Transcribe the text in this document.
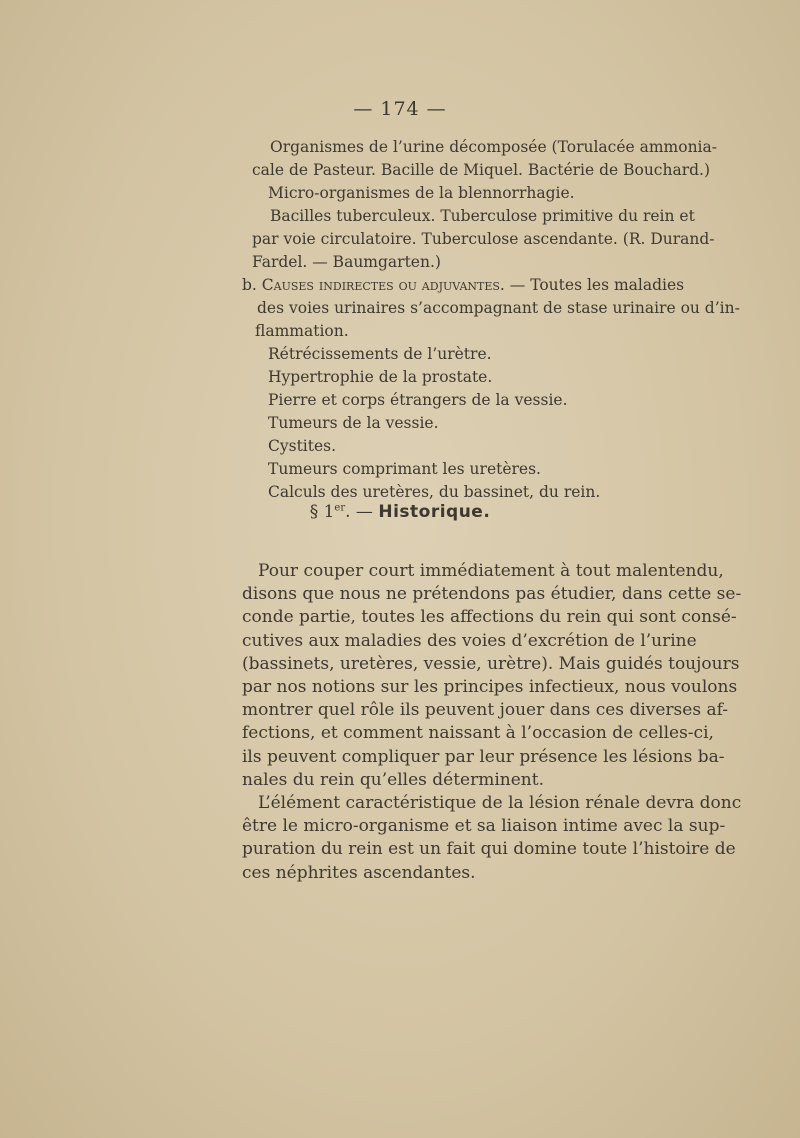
— 174 —
Organismes de l’urine décomposée (Torulacée ammonia-
cale de Pasteur. Bacille de Miquel. Bactérie de Bouchard.)
Micro-organismes de la blennorrhagie.
Bacilles tuberculeux. Tuberculose primitive du rein et
par voie circulatoire. Tuberculose ascendante. (R. Durand-
Fardel. — Baumgarten.)
b. Causes indirectes ou adjuvantes. — Toutes les maladies
des voies urinaires s’accompagnant de stase urinaire ou d’in-
flammation.
Rétrécissements de l’urètre.
Hypertrophie de la prostate.
Pierre et corps étrangers de la vessie.
Tumeurs de la vessie.
Cystites.
Tumeurs comprimant les uretères.
Calculs des uretères, du bassinet, du rein.
§ 1er. — Historique.
Pour couper court immédiatement à tout malentendu,
disons que nous ne prétendons pas étudier, dans cette se-
conde partie, toutes les affections du rein qui sont consé-
cutives aux maladies des voies d’excrétion de l’urine
(bassinets, uretères, vessie, urètre). Mais guidés toujours
par nos notions sur les principes infectieux, nous voulons
montrer quel rôle ils peuvent jouer dans ces diverses af-
fections, et comment naissant à l’occasion de celles-ci,
ils peuvent compliquer par leur présence les lésions ba-
nales du rein qu’elles déterminent.
L’élément caractéristique de la lésion rénale devra donc
être le micro-organisme et sa liaison intime avec la sup-
puration du rein est un fait qui domine toute l’histoire de
ces néphrites ascendantes.
